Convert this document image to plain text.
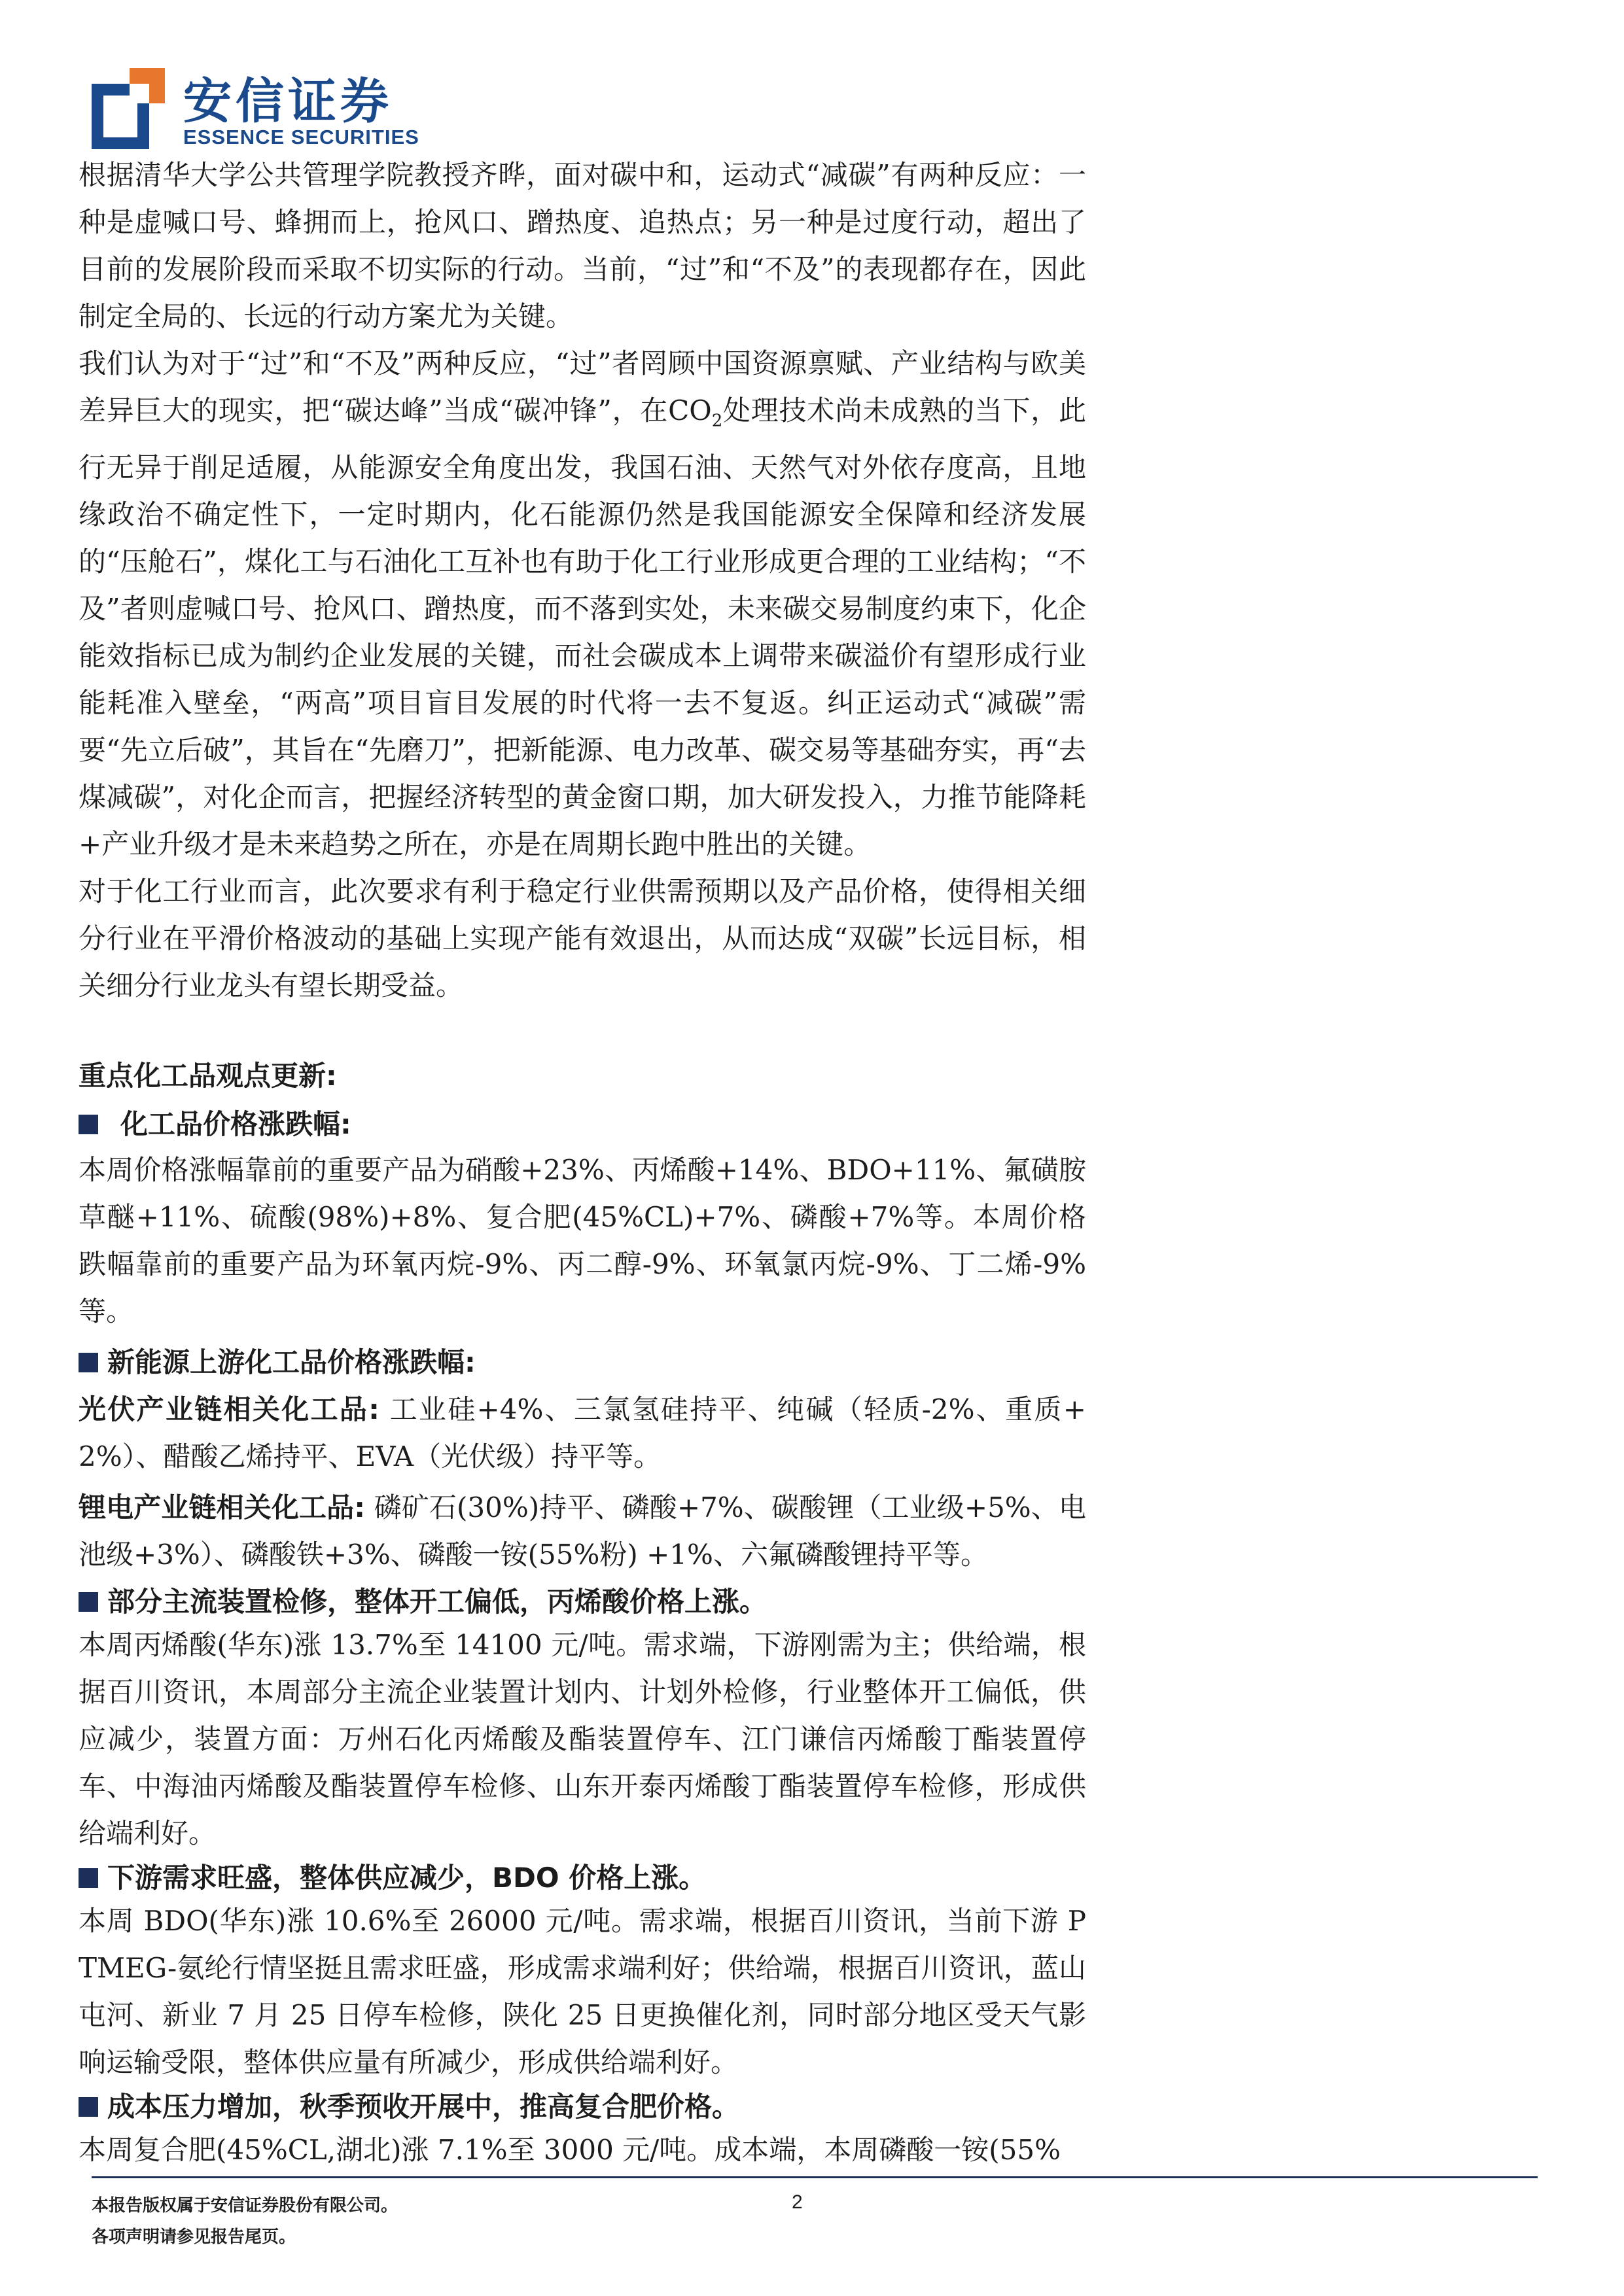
安信证券
ESSENCE SECURITIES

根据清华大学公共管理学院教授齐晔，面对碳中和，运动式“减碳”有两种反应：一种是虚喊口号、蜂拥而上，抢风口、蹭热度、追热点；另一种是过度行动，超出了目前的发展阶段而采取不切实际的行动。当前，“过”和“不及”的表现都存在，因此制定全局的、长远的行动方案尤为关键。

我们认为对于“过”和“不及”两种反应，“过”者罔顾中国资源禀赋、产业结构与欧美差异巨大的现实，把“碳达峰”当成“碳冲锋”，在$CO_2$处理技术尚未成熟的当下，此行无异于削足适履，从能源安全角度出发，我国石油、天然气对外依存度高，且地缘政治不确定性下，一定时期内，化石能源仍然是我国能源安全保障和经济发展的“压舱石”，煤化工与石油化工互补也有助于化工行业形成更合理的工业结构；“不及”者则虚喊口号、抢风口、蹭热度，而不落到实处，未来碳交易制度约束下，化企能效指标已成为制约企业发展的关键，而社会碳成本上调带来碳溢价有望形成行业能耗准入壁垒，“两高”项目盲目发展的时代将一去不复返。纠正运动式“减碳”需要“先立后破”，其旨在“先磨刀”，把新能源、电力改革、碳交易等基础夯实，再“去煤减碳”，对化企而言，把握经济转型的黄金窗口期，加大研发投入，力推节能降耗+产业升级才是未来趋势之所在，亦是在周期长跑中胜出的关键。

对于化工行业而言，此次要求有利于稳定行业供需预期以及产品价格，使得相关细分行业在平滑价格波动的基础上实现产能有效退出，从而达成“双碳”长远目标，相关细分行业龙头有望长期受益。

重点化工品观点更新:

化工品价格涨跌幅:

本周价格涨幅靠前的重要产品为硝酸+23%、丙烯酸+14%、BDO+11%、氟磺胺草醚+11%、硫酸(98%)+8%、复合肥(45%CL)+7%、磷酸+7%等。本周价格跌幅靠前的重要产品为环氧丙烷-9%、丙二醇-9%、环氧氯丙烷-9%、丁二烯-9%等。

新能源上游化工品价格涨跌幅:

光伏产业链相关化工品: 工业硅+4%、三氯氢硅持平、纯碱（轻质-2%、重质+2%）、醋酸乙烯持平、EVA（光伏级）持平等。

锂电产业链相关化工品: 磷矿石(30%)持平、磷酸+7%、碳酸锂（工业级+5%、电池级+3%）、磷酸铁+3%、磷酸一铵(55%粉) +1%、六氟磷酸锂持平等。

部分主流装置检修，整体开工偏低，丙烯酸价格上涨。

本周丙烯酸(华东)涨 13.7%至 14100 元/吨。需求端，下游刚需为主；供给端，根据百川资讯，本周部分主流企业装置计划内、计划外检修，行业整体开工偏低，供应减少，装置方面：万州石化丙烯酸及酯装置停车、江门谦信丙烯酸丁酯装置停车、中海油丙烯酸及酯装置停车检修、山东开泰丙烯酸丁酯装置停车检修，形成供给端利好。

下游需求旺盛，整体供应减少，BDO 价格上涨。

本周 BDO(华东)涨 10.6%至 26000 元/吨。需求端，根据百川资讯，当前下游 PTMEG-氨纶行情坚挺且需求旺盛，形成需求端利好；供给端，根据百川资讯，蓝山屯河、新业 7 月 25 日停车检修，陕化 25 日更换催化剂，同时部分地区受天气影响运输受限，整体供应量有所减少，形成供给端利好。

成本压力增加，秋季预收开展中，推高复合肥价格。

本周复合肥(45%CL,湖北)涨 7.1%至 3000 元/吨。成本端，本周磷酸一铵(55%

本报告版权属于安信证券股份有限公司。
各项声明请参见报告尾页。
2
